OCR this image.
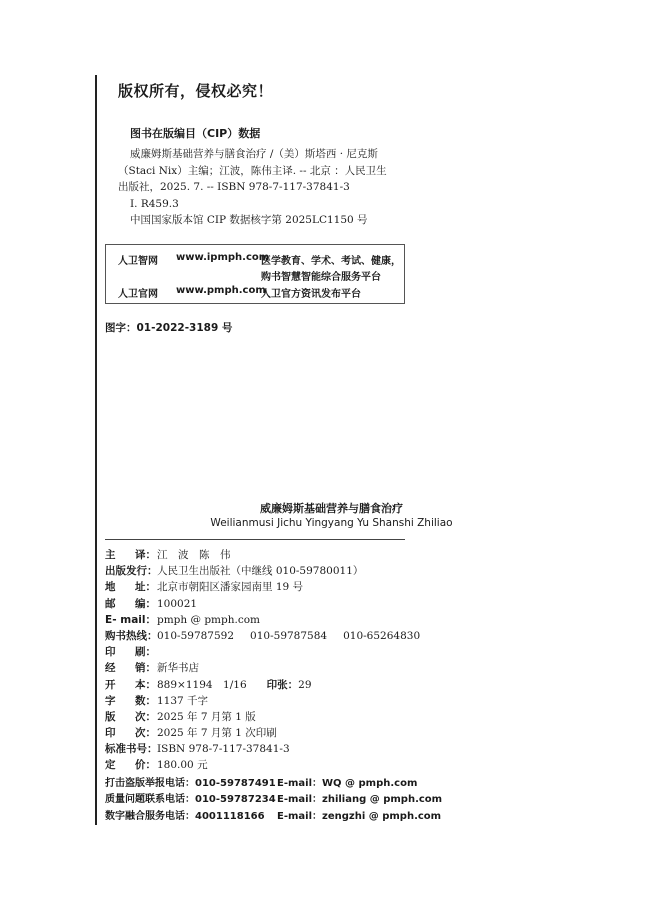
版权所有，侵权必究！
图书在版编目（CIP）数据
威廉姆斯基础营养与膳食治疗 /（美）斯塔西 · 尼克斯
（Staci Nix）主编；江波，陈伟主译. -- 北京 ：人民卫生
出版社，2025. 7. -- ISBN 978-7-117-37841-3
Ⅰ. R459.3
中国国家版本馆 CIP 数据核字第 2025LC1150 号
人卫智网 www.ipmph.com
医学教育、学术、考试、健康，
购书智慧智能综合服务平台
人卫官网 www.pmph.com
人卫官方资讯发布平台
图字：01-2022-3189 号
威廉姆斯基础营养与膳食治疗
Weilianmusi Jichu Yingyang Yu Shanshi Zhiliao
主 译： 江　波　陈　伟
出版发行 ： 人民卫生出版社（中继线 010-59780011）
地 址： 北京市朝阳区潘家园南里 19 号
邮 编： 100021
E - mail： pmph @ pmph.com
购书热线 ： 010-59787592 010-59787584 010-65264830
印 刷：
经 销： 新华书店
开 本： 889×1194　1/16 印张 ： 29
字 数： 1137 千字
版 次： 2025 年 7 月第 1 版
印 次： 2025 年 7 月第 1 次印刷
标准书号 ： ISBN 978-7-117-37841-3
定 价： 180.00 元
打击盗版举报电话：010-59787491 E-mail：WQ @ pmph.com
质量问题联系电话：010-59787234 E-mail：zhiliang @ pmph.com
数字融合服务电话：4001118166	E-mail：zengzhi @ pmph.com
